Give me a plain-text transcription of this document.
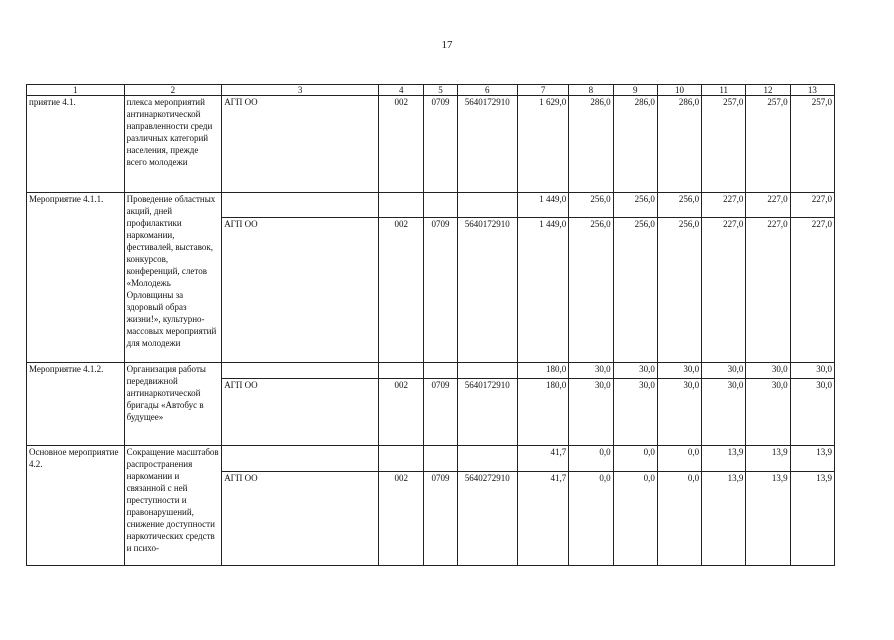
17
1	2	3	4	5	6	7	8	9	10	11	12	13
приятие 4.1.	плекса мероприятий антинаркотической направленности среди различных категорий населения, прежде всего молодежи	АГП ОО	002	0709	5640172910	1 629,0	286,0	286,0	286,0	257,0	257,0	257,0
Мероприятие 4.1.1.	Проведение областных акций, дней профилактики наркомании, фестивалей, выставок, конкурсов, конференций, слетов «Молодежь Орловщины за здоровый образ жизни!», культурно-массовых мероприятий для молодежи					1 449,0	256,0	256,0	256,0	227,0	227,0	227,0
		АГП ОО	002	0709	5640172910	1 449,0	256,0	256,0	256,0	227,0	227,0	227,0
Мероприятие 4.1.2.	Организация работы передвижной антинаркотической бригады «Автобус в будущее»					180,0	30,0	30,0	30,0	30,0	30,0	30,0
		АГП ОО	002	0709	5640172910	180,0	30,0	30,0	30,0	30,0	30,0	30,0
Основное мероприятие 4.2.	Сокращение масштабов распространения наркомании и связанной с ней преступности и правонарушений, снижение доступности наркотических средств и психо-					41,7	0,0	0,0	0,0	13,9	13,9	13,9
		АГП ОО	002	0709	5640272910	41,7	0,0	0,0	0,0	13,9	13,9	13,9
